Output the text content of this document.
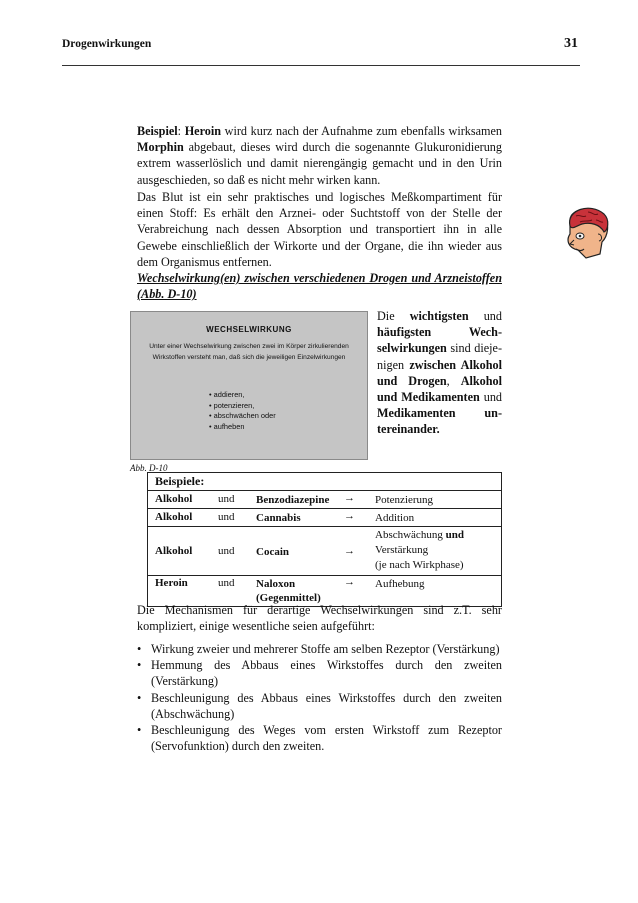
Drogenwirkungen	31
Beispiel: Heroin wird kurz nach der Aufnahme zum ebenfalls wirksamen Morphin abgebaut, dieses wird durch die sogenannte Glukuronidierung extrem wasserlöslich und damit nierengängig gemacht und in den Urin ausgeschieden, so daß es nicht mehr wirken kann.
Das Blut ist ein sehr praktisches und logisches Meßkompartiment für einen Stoff: Es erhält den Arznei- oder Suchtstoff von der Stelle der Verabreichung nach dessen Absorption und transportiert ihn in alle Gewebe einschließlich der Wirkorte und der Organe, die ihn wieder aus dem Organismus entfernen.
Wechselwirkung(en) zwischen verschiedenen Drogen und Arzneistoffen (Abb. D-10)
WECHSELWIRKUNG
Unter einer Wechselwirkung zwischen zwei im Körper zirkulierenden Wirkstoffen versteht man, daß sich die jeweiligen Einzelwirkungen
• addieren,
• potenzieren,
• abschwächen oder
• aufheben
Die wichtigsten und häufigsten Wechselwirkungen sind diejenigen zwischen Alkohol und Drogen, Alkohol und Medikamenten und Medikamenten untereinander.
Abb. D-10
Beispiele:
Alkohol und Benzodiazepine → Potenzierung
Alkohol und Cannabis	→ Addition
Alkohol und Cocain	→
Abschwächung und
Verstärkung
(je nach Wirkphase)
Heroin	und Naloxon
(Gegenmittel)
→ Aufhebung
Die Mechanismen für derartige Wechselwirkungen sind z.T. sehr kompliziert, einige wesentliche seien aufgeführt:
• Wirkung zweier und mehrerer Stoffe am selben Rezeptor (Verstärkung)
• Hemmung des Abbaus eines Wirkstoffes durch den zweiten (Verstärkung)
• Beschleunigung des Abbaus eines Wirkstoffes durch den zweiten (Abschwächung)
• Beschleunigung des Weges vom ersten Wirkstoff zum Rezeptor (Servofunktion) durch den zweiten.
